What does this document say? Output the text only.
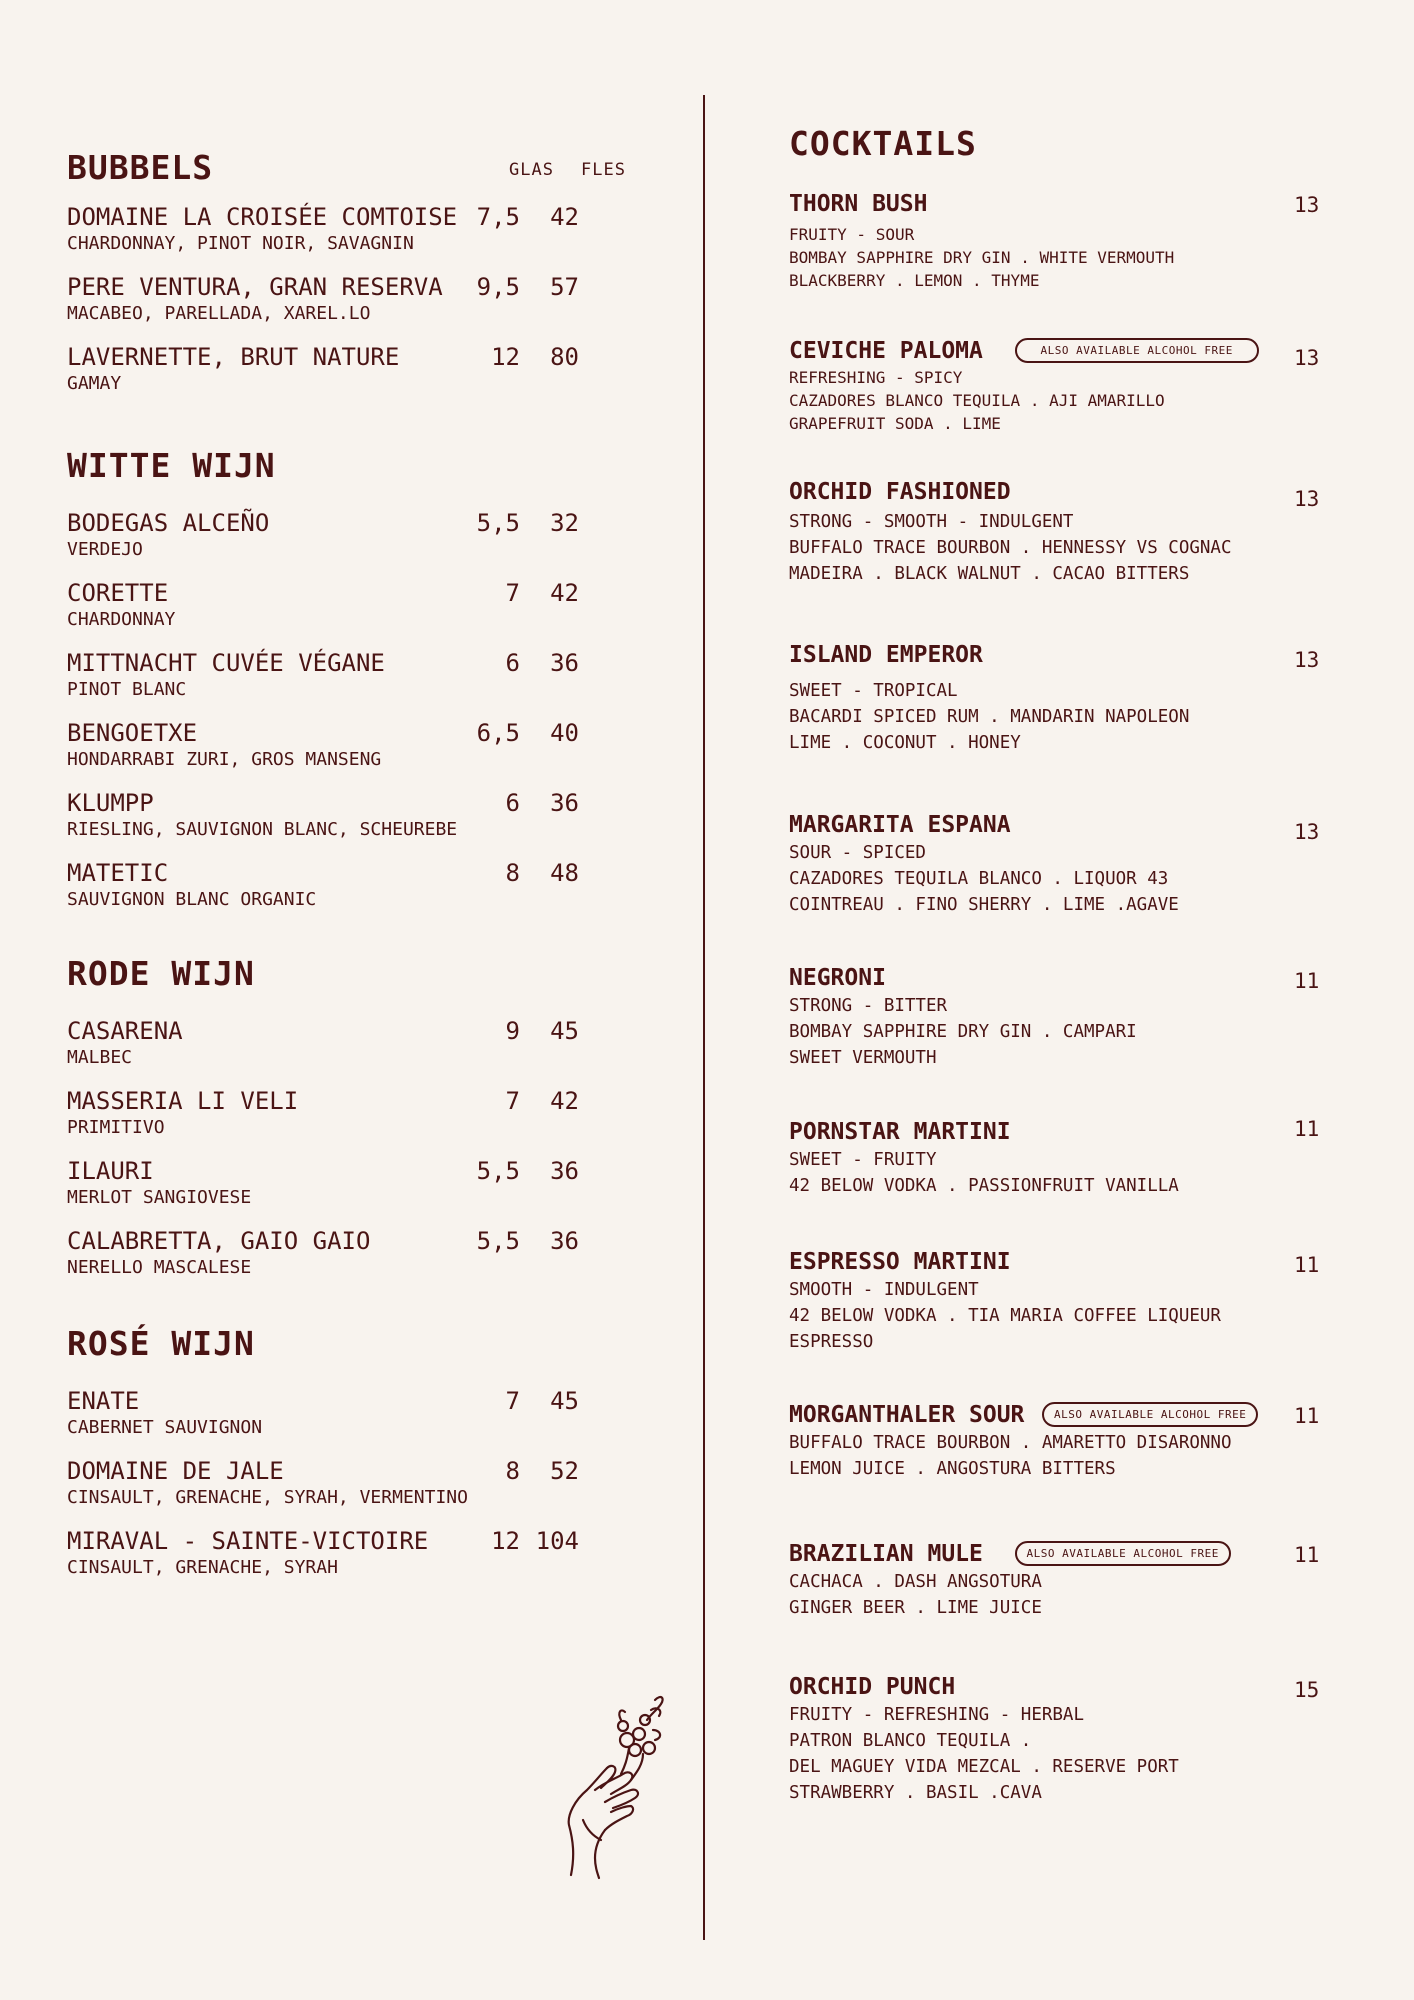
BUBBELS	GLAS FLES
DOMAINE LA CROISÉE COMTOISE
CHARDONNAY, PINOT NOIR, SAVAGNIN
7,5	42
PERE VENTURA, GRAN RESERVA
MACABEO, PARELLADA, XAREL.LO
9,5	57
LAVERNETTE, BRUT NATURE
GAMAY
12	80
WITTE WIJN
BODEGAS ALCEÑO
VERDEJO
5,5	32
CORETTE
CHARDONNAY
7	42
MITTNACHT CUVÉE VÉGANE
PINOT BLANC
6	36
BENGOETXE
HONDARRABI ZURI, GROS MANSENG
6,5	40
KLUMPP
RIESLING, SAUVIGNON BLANC, SCHEUREBE
6	36
MATETIC
SAUVIGNON BLANC ORGANIC
8	48
RODE WIJN
CASARENA
MALBEC
9	45
MASSERIA LI VELI
PRIMITIVO
7	42
ILAURI
MERLOT SANGIOVESE
5,5	36
CALABRETTA, GAIO GAIO
NERELLO MASCALESE
5,5	36
ROSÉ WIJN
ENATE
CABERNET SAUVIGNON
7	45
DOMAINE DE JALE
CINSAULT, GRENACHE, SYRAH, VERMENTINO
8	52
MIRAVAL - SAINTE-VICTOIRE
CINSAULT, GRENACHE, SYRAH
12 104
COCKTAILS
THORN BUSH	13
FRUITY - SOUR
BOMBAY SAPPHIRE DRY GIN . WHITE VERMOUTH
BLACKBERRY . LEMON . THYME
CEVICHE PALOMA	ALSO AVAILABLE ALCOHOL FREE	13
REFRESHING - SPICY
CAZADORES BLANCO TEQUILA . AJI AMARILLO
GRAPEFRUIT SODA . LIME
ORCHID FASHIONED	13
STRONG - SMOOTH - INDULGENT
BUFFALO TRACE BOURBON . HENNESSY VS COGNAC
MADEIRA . BLACK WALNUT . CACAO BITTERS
ISLAND EMPEROR	13
SWEET - TROPICAL
BACARDI SPICED RUM . MANDARIN NAPOLEON
LIME . COCONUT . HONEY
MARGARITA ESPANA	13
SOUR - SPICED
CAZADORES TEQUILA BLANCO . LIQUOR 43
COINTREAU . FINO SHERRY . LIME .AGAVE
NEGRONI	11
STRONG - BITTER
BOMBAY SAPPHIRE DRY GIN . CAMPARI
SWEET VERMOUTH
PORNSTAR MARTINI	11
SWEET - FRUITY
42 BELOW VODKA . PASSIONFRUIT VANILLA
ESPRESSO MARTINI	11
SMOOTH - INDULGENT
42 BELOW VODKA . TIA MARIA COFFEE LIQUEUR
ESPRESSO
MORGANTHALER SOUR	ALSO AVAILABLE ALCOHOL FREE 11
BUFFALO TRACE BOURBON . AMARETTO DISARONNO
LEMON JUICE . ANGOSTURA BITTERS
BRAZILIAN MULE	ALSO AVAILABLE ALCOHOL FREE	11
CACHACA . DASH ANGSOTURA
GINGER BEER . LIME JUICE
ORCHID PUNCH	15
FRUITY - REFRESHING - HERBAL
PATRON BLANCO TEQUILA .
DEL MAGUEY VIDA MEZCAL . RESERVE PORT
STRAWBERRY . BASIL .CAVA
